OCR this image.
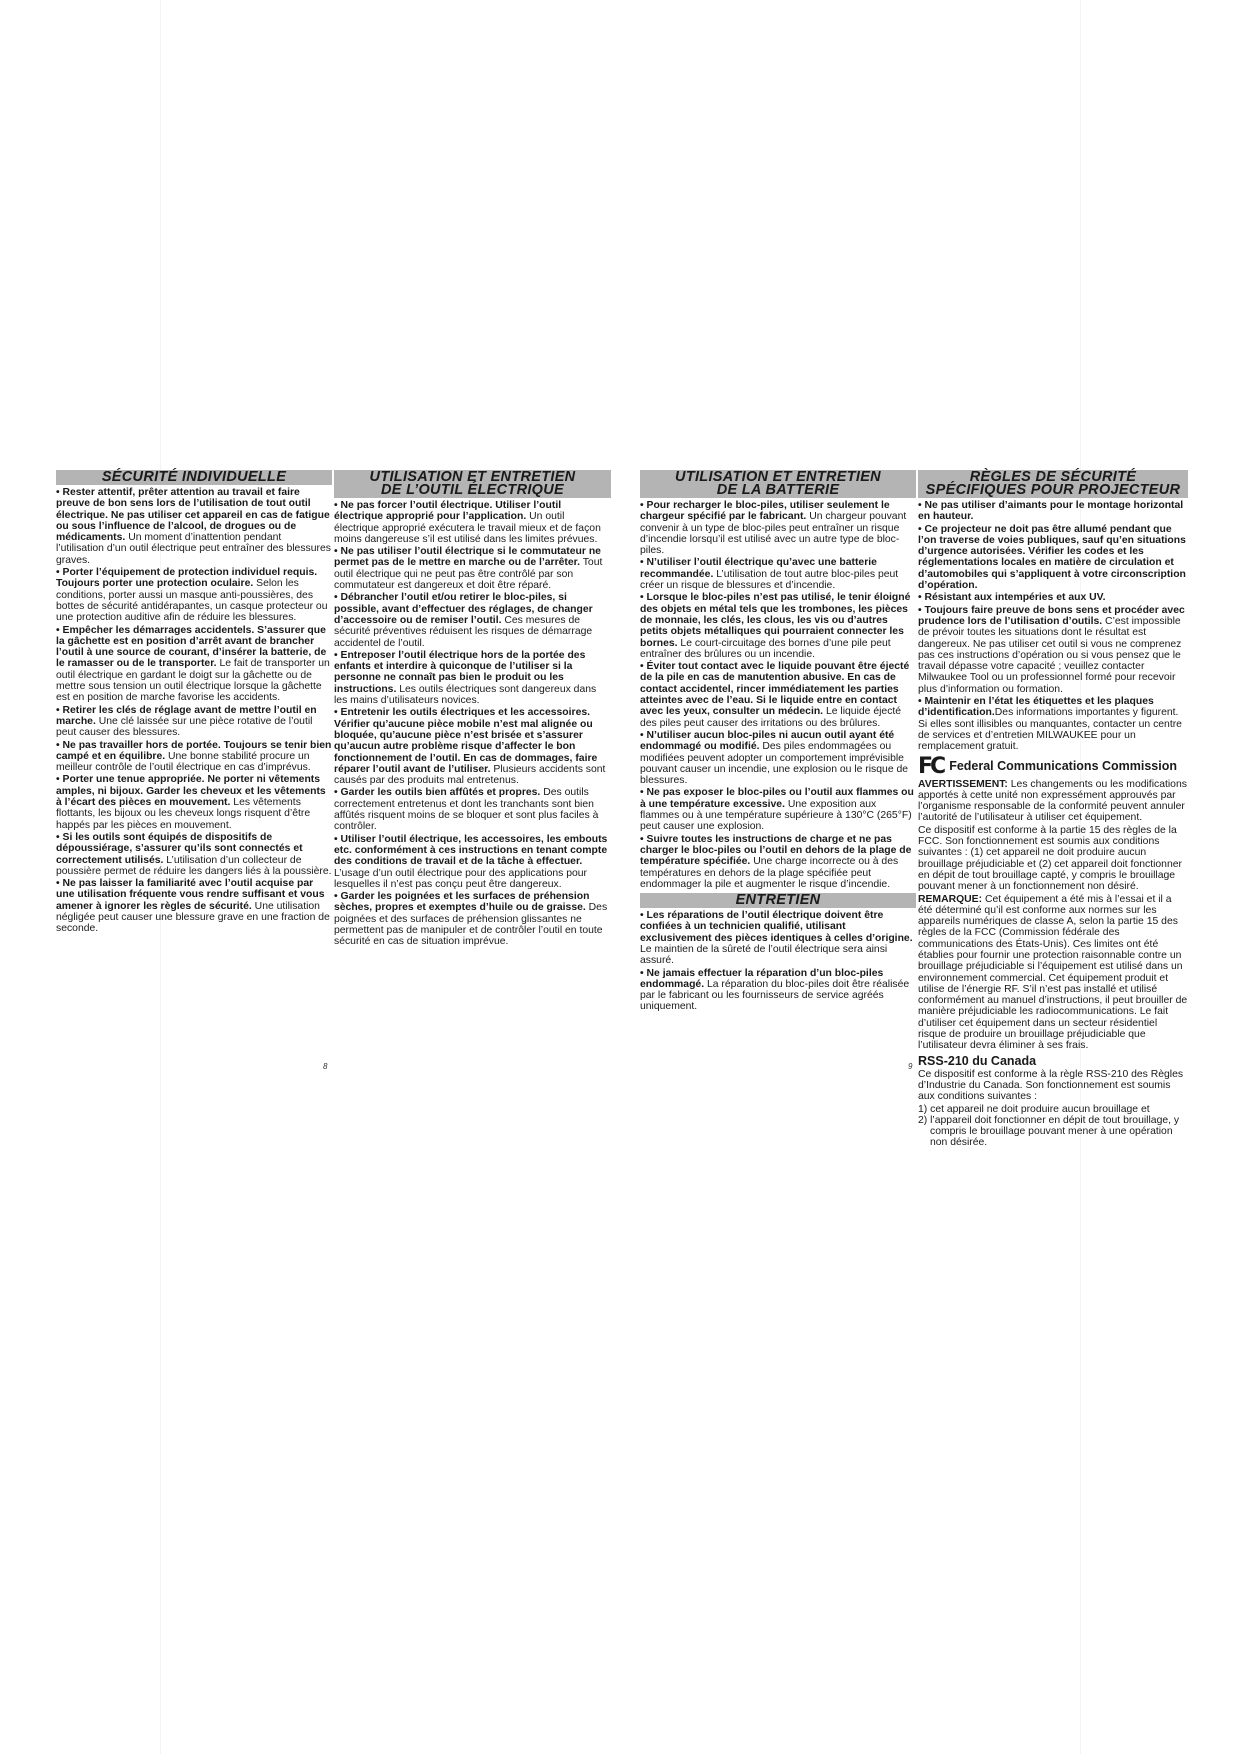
SÉCURITÉ INDIVIDUELLE

• Rester attentif, prêter attention au travail et faire preuve de bon sens lors de l’utilisation de tout outil électrique. Ne pas utiliser cet appareil en cas de fatigue ou sous l’influence de l’alcool, de drogues ou de médicaments. Un moment d’inattention pendant l’utilisation d’un outil électrique peut entraîner des blessures graves.

• Porter l’équipement de protection individuel requis. Toujours porter une protection oculaire. Selon les conditions, porter aussi un masque anti-poussières, des bottes de sécurité antidérapantes, un casque protecteur ou une protection auditive afin de réduire les blessures.

• Empêcher les démarrages accidentels. S’assurer que la gâchette est en position d’arrêt avant de brancher l’outil à une source de courant, d’insérer la batterie, de le ramasser ou de le transporter. Le fait de transporter un outil électrique en gardant le doigt sur la gâchette ou de mettre sous tension un outil électrique lorsque la gâchette est en position de marche favorise les accidents.

• Retirer les clés de réglage avant de mettre l’outil en marche. Une clé laissée sur une pièce rotative de l’outil peut causer des blessures.

• Ne pas travailler hors de portée. Toujours se tenir bien campé et en équilibre. Une bonne stabilité procure un meilleur contrôle de l’outil électrique en cas d’imprévus.

• Porter une tenue appropriée. Ne porter ni vêtements amples, ni bijoux. Garder les cheveux et les vêtements à l’écart des pièces en mouvement. Les vêtements flottants, les bijoux ou les cheveux longs risquent d’être happés par les pièces en mouvement.

• Si les outils sont équipés de dispositifs de dépoussiérage, s’assurer qu’ils sont connectés et correctement utilisés. L’utilisation d’un collecteur de poussière permet de réduire les dangers liés à la poussière.

• Ne pas laisser la familiarité avec l’outil acquise par une utilisation fréquente vous rendre suffisant et vous amener à ignorer les règles de sécurité. Une utilisation négligée peut causer une blessure grave en une fraction de seconde.

UTILISATION ET ENTRETIEN
DE L’OUTIL ÉLECTRIQUE

• Ne pas forcer l’outil électrique. Utiliser l’outil électrique approprié pour l’application. Un outil électrique approprié exécutera le travail mieux et de façon moins dangereuse s’il est utilisé dans les limites prévues.

• Ne pas utiliser l’outil électrique si le commutateur ne permet pas de le mettre en marche ou de l’arrêter. Tout outil électrique qui ne peut pas être contrôlé par son commutateur est dangereux et doit être réparé.

• Débrancher l’outil et/ou retirer le bloc-piles, si possible, avant d’effectuer des réglages, de changer d’accessoire ou de remiser l’outil. Ces mesures de sécurité préventives réduisent les risques de démarrage accidentel de l’outil.

• Entreposer l’outil électrique hors de la portée des enfants et interdire à quiconque de l’utiliser si la personne ne connaît pas bien le produit ou les instructions. Les outils électriques sont dangereux dans les mains d’utilisateurs novices.

• Entretenir les outils électriques et les accessoires. Vérifier qu’aucune pièce mobile n’est mal alignée ou bloquée, qu’aucune pièce n’est brisée et s’assurer qu’aucun autre problème risque d’affecter le bon fonctionnement de l’outil. En cas de dommages, faire réparer l’outil avant de l’utiliser. Plusieurs accidents sont causés par des produits mal entretenus.

• Garder les outils bien affûtés et propres. Des outils correctement entretenus et dont les tranchants sont bien affûtés risquent moins de se bloquer et sont plus faciles à contrôler.

• Utiliser l’outil électrique, les accessoires, les embouts etc. conformément à ces instructions en tenant compte des conditions de travail et de la tâche à effectuer. L’usage d’un outil électrique pour des applications pour lesquelles il n’est pas conçu peut être dangereux.

• Garder les poignées et les surfaces de préhension sèches, propres et exemptes d’huile ou de graisse. Des poignées et des surfaces de préhension glissantes ne permettent pas de manipuler et de contrôler l’outil en toute sécurité en cas de situation imprévue.

UTILISATION ET ENTRETIEN
DE LA BATTERIE

• Pour recharger le bloc-piles, utiliser seulement le chargeur spécifié par le fabricant. Un chargeur pouvant convenir à un type de bloc-piles peut entraîner un risque d’incendie lorsqu’il est utilisé avec un autre type de bloc-piles.

• N’utiliser l’outil électrique qu’avec une batterie recommandée. L’utilisation de tout autre bloc-piles peut créer un risque de blessures et d’incendie.

• Lorsque le bloc-piles n’est pas utilisé, le tenir éloigné des objets en métal tels que les trombones, les pièces de monnaie, les clés, les clous, les vis ou d’autres petits objets métalliques qui pourraient connecter les bornes. Le court-circuitage des bornes d’une pile peut entraîner des brûlures ou un incendie.

• Éviter tout contact avec le liquide pouvant être éjecté de la pile en cas de manutention abusive. En cas de contact accidentel, rincer immédiatement les parties atteintes avec de l’eau. Si le liquide entre en contact avec les yeux, consulter un médecin. Le liquide éjecté des piles peut causer des irritations ou des brûlures.

• N’utiliser aucun bloc-piles ni aucun outil ayant été endommagé ou modifié. Des piles endommagées ou modifiées peuvent adopter un comportement imprévisible pouvant causer un incendie, une explosion ou le risque de blessures.

• Ne pas exposer le bloc-piles ou l’outil aux flammes ou à une température excessive. Une exposition aux flammes ou à une température supérieure à 130°C (265°F) peut causer une explosion.

• Suivre toutes les instructions de charge et ne pas charger le bloc-piles ou l’outil en dehors de la plage de température spécifiée. Une charge incorrecte ou à des températures en dehors de la plage spécifiée peut endommager la pile et augmenter le risque d’incendie.

ENTRETIEN

• Les réparations de l’outil électrique doivent être confiées à un technicien qualifié, utilisant exclusivement des pièces identiques à celles d’origine. Le maintien de la sûreté de l’outil électrique sera ainsi assuré.

• Ne jamais effectuer la réparation d’un bloc-piles endommagé. La réparation du bloc-piles doit être réalisée par le fabricant ou les fournisseurs de service agréés uniquement.

RÈGLES DE SÉCURITÉ
SPÉCIFIQUES POUR PROJECTEUR

• Ne pas utiliser d’aimants pour le montage horizontal en hauteur.

• Ce projecteur ne doit pas être allumé pendant que l’on traverse de voies publiques, sauf qu’en situations d’urgence autorisées. Vérifier les codes et les réglementations locales en matière de circulation et d’automobiles qui s’appliquent à votre circonscription d’opération.

• Résistant aux intempéries et aux UV.

• Toujours faire preuve de bons sens et procéder avec prudence lors de l’utilisation d’outils. C’est impossible de prévoir toutes les situations dont le résultat est dangereux. Ne pas utiliser cet outil si vous ne comprenez pas ces instructions d’opération ou si vous pensez que le travail dépasse votre capacité ; veuillez contacter Milwaukee Tool ou un professionnel formé pour recevoir plus d’information ou formation.

• Maintenir en l’état les étiquettes et les plaques d’identification.Des informations importantes y figurent. Si elles sont illisibles ou manquantes, contacter un centre de services et d’entretien MILWAUKEE pour un remplacement gratuit.

FC Federal Communications Commission

AVERTISSEMENT: Les changements ou les modifications apportés à cette unité non expressément approuvés par l’organisme responsable de la conformité peuvent annuler l’autorité de l’utilisateur à utiliser cet équipement.

Ce dispositif est conforme à la partie 15 des règles de la FCC. Son fonctionnement est soumis aux conditions suivantes : (1) cet appareil ne doit produire aucun brouillage préjudiciable et (2) cet appareil doit fonctionner en dépit de tout brouillage capté, y compris le brouillage pouvant mener à un fonctionnement non désiré.

REMARQUE: Cet équipement a été mis à l’essai et il a été déterminé qu’il est conforme aux normes sur les appareils numériques de classe A, selon la partie 15 des règles de la FCC (Commission fédérale des communications des États-Unis). Ces limites ont été établies pour fournir une protection raisonnable contre un brouillage préjudiciable si l’équipement est utilisé dans un environnement commercial. Cet équipement produit et utilise de l’énergie RF. S’il n’est pas installé et utilisé conformément au manuel d’instructions, il peut brouiller de manière préjudiciable les radiocommunications. Le fait d’utiliser cet équipement dans un secteur résidentiel risque de produire un brouillage préjudiciable que l’utilisateur devra éliminer à ses frais.

RSS-210 du Canada

Ce dispositif est conforme à la règle RSS-210 des Règles d’Industrie du Canada. Son fonctionnement est soumis aux conditions suivantes :

1) cet appareil ne doit produire aucun brouillage et
2) l’appareil doit fonctionner en dépit de tout brouillage, y compris le brouillage pouvant mener à une opération non désirée.
8	9
